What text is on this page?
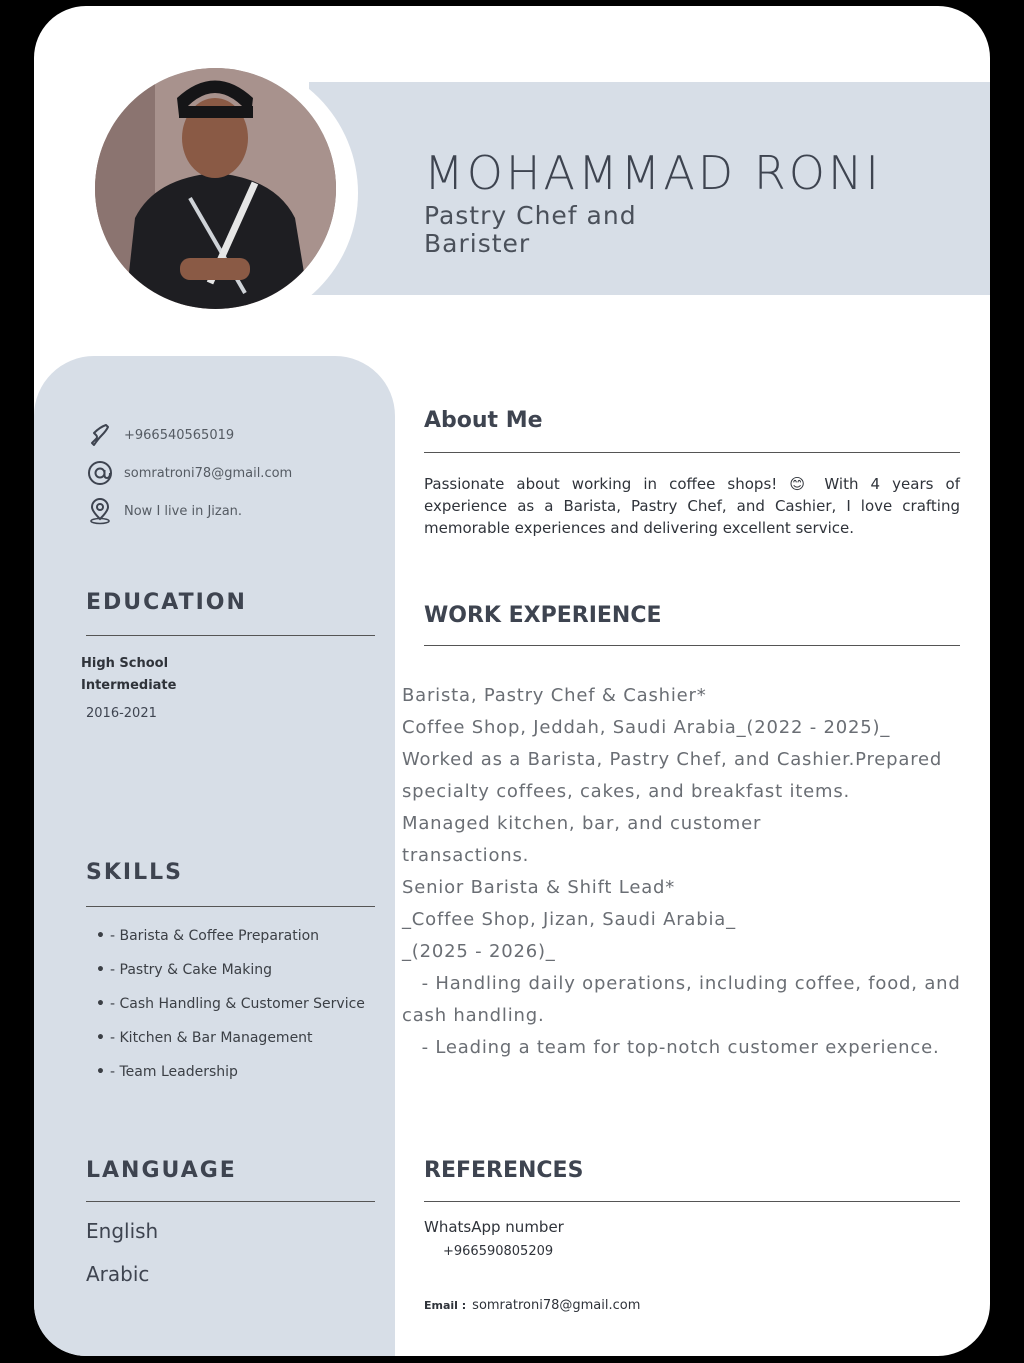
MOHAMMAD RONI
Pastry Chef and
Barister
+966540565019
somratroni78@gmail.com
Now I live in Jizan.
EDUCATION
High School
Intermediate
2016-2021
SKILLS
• - Barista & Coffee Preparation
• - Pastry & Cake Making
• - Cash Handling & Customer Service
• - Kitchen & Bar Management
• - Team Leadership
LANGUAGE
English
Arabic
About Me
Passionate about working in coffee shops! 😊 With 4 years of experience as a Barista, Pastry Chef, and Cashier, I love crafting memorable experiences and delivering excellent service.
WORK EXPERIENCE
Barista, Pastry Chef & Cashier*
Coffee Shop, Jeddah, Saudi Arabia_(2022 - 2025)_
Worked as a Barista, Pastry Chef, and Cashier.Prepared
specialty coffees, cakes, and breakfast items.
Managed kitchen, bar, and customer
transactions.
Senior Barista & Shift Lead*
_Coffee Shop, Jizan, Saudi Arabia_
_(2025 - 2026)_
- Handling daily operations, including coffee, food, and
cash handling.
- Leading a team for top-notch customer experience.
REFERENCES
WhatsApp number
+966590805209
Email : somratroni78@gmail.com
